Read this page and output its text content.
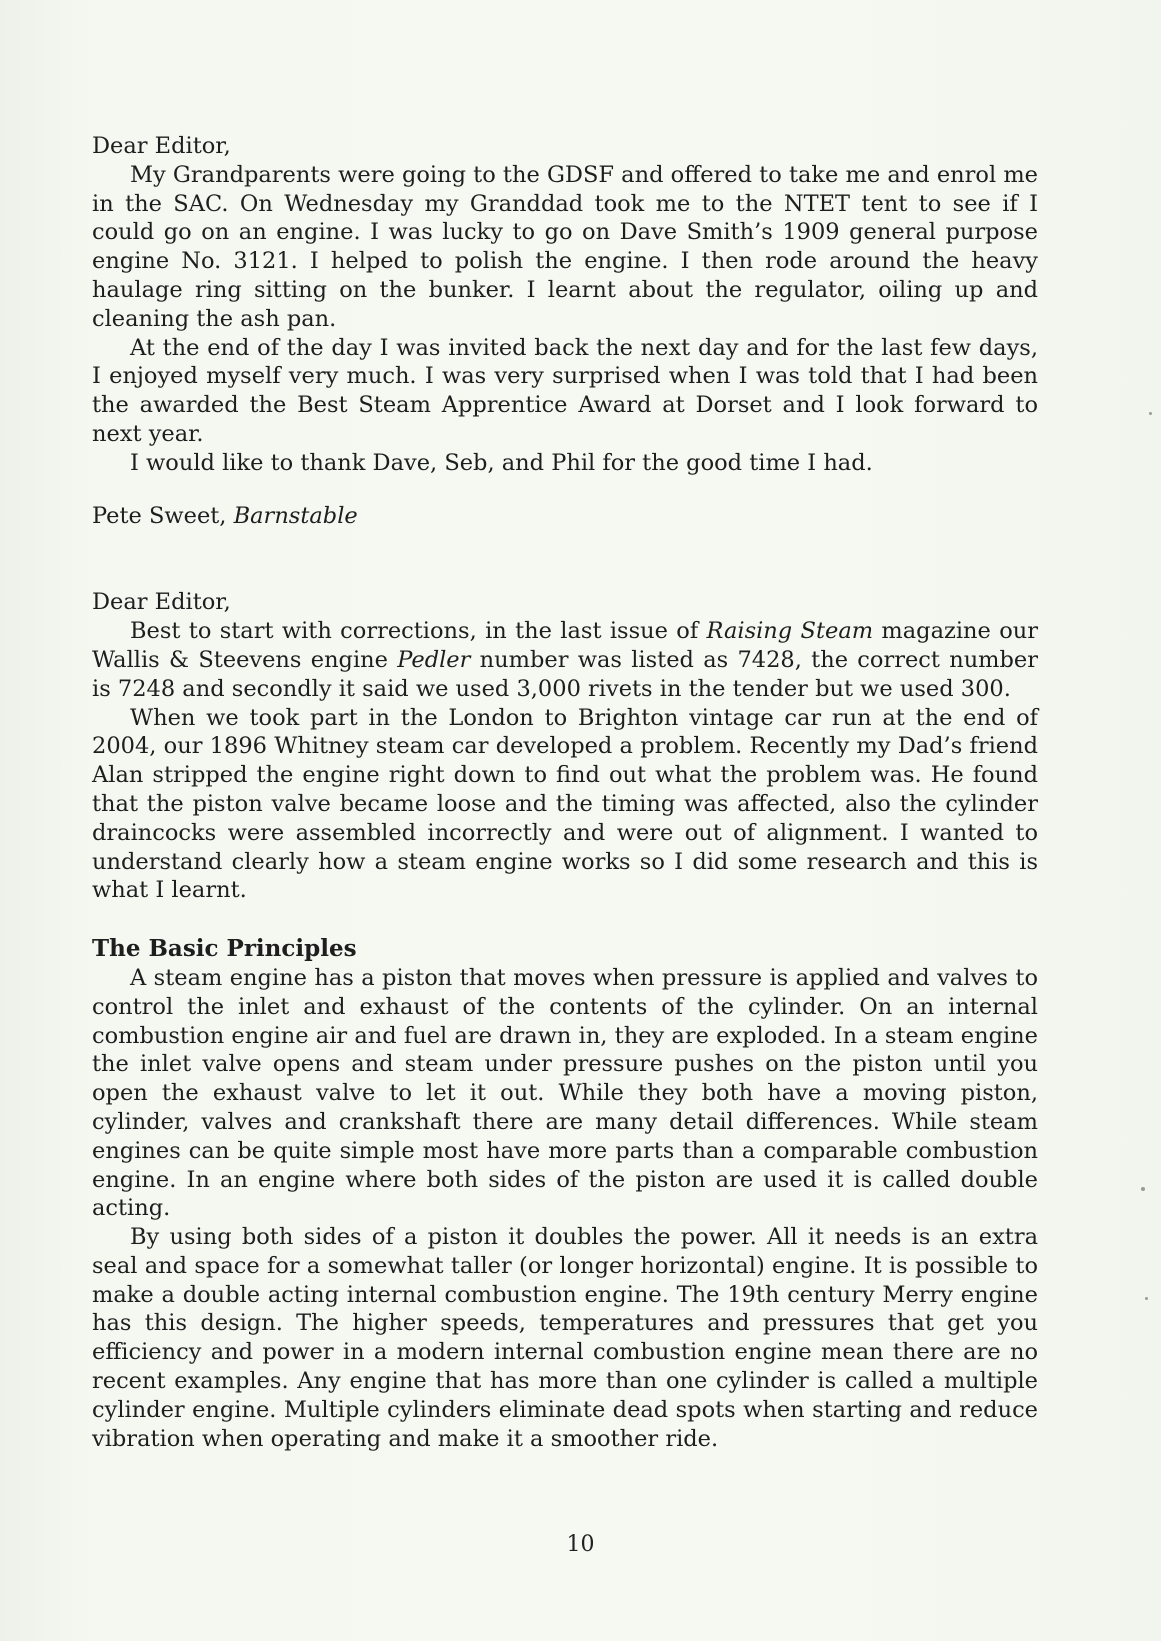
Dear Editor,

My Grandparents were going to the GDSF and offered to take me and enrol me in the SAC. On Wednesday my Granddad took me to the NTET tent to see if I could go on an engine. I was lucky to go on Dave Smith’s 1909 general purpose engine No. 3121. I helped to polish the engine. I then rode around the heavy haulage ring sitting on the bunker. I learnt about the regulator, oiling up and cleaning the ash pan.

At the end of the day I was invited back the next day and for the last few days, I enjoyed myself very much. I was very surprised when I was told that I had been the awarded the Best Steam Apprentice Award at Dorset and I look forward to next year.

I would like to thank Dave, Seb, and Phil for the good time I had.

Pete Sweet, Barnstable

Dear Editor,

Best to start with corrections, in the last issue of Raising Steam magazine our Wallis & Steevens engine Pedler number was listed as 7428, the correct number is 7248 and secondly it said we used 3,000 rivets in the tender but we used 300.

When we took part in the London to Brighton vintage car run at the end of 2004, our 1896 Whitney steam car developed a problem. Recently my Dad’s friend Alan stripped the engine right down to find out what the problem was. He found that the piston valve became loose and the timing was affected, also the cylinder draincocks were assembled incorrectly and were out of alignment. I wanted to understand clearly how a steam engine works so I did some research and this is what I learnt.

The Basic Principles

A steam engine has a piston that moves when pressure is applied and valves to control the inlet and exhaust of the contents of the cylinder. On an internal combustion engine air and fuel are drawn in, they are exploded. In a steam engine the inlet valve opens and steam under pressure pushes on the piston until you open the exhaust valve to let it out. While they both have a moving piston, cylinder, valves and crankshaft there are many detail differences. While steam engines can be quite simple most have more parts than a comparable combustion engine. In an engine where both sides of the piston are used it is called double acting.

By using both sides of a piston it doubles the power. All it needs is an extra seal and space for a somewhat taller (or longer horizontal) engine. It is possible to make a double acting internal combustion engine. The 19th century Merry engine has this design. The higher speeds, temperatures and pressures that get you efficiency and power in a modern internal combustion engine mean there are no recent examples. Any engine that has more than one cylinder is called a multiple cylinder engine. Multiple cylinders eliminate dead spots when starting and reduce vibration when operating and make it a smoother ride.

10
